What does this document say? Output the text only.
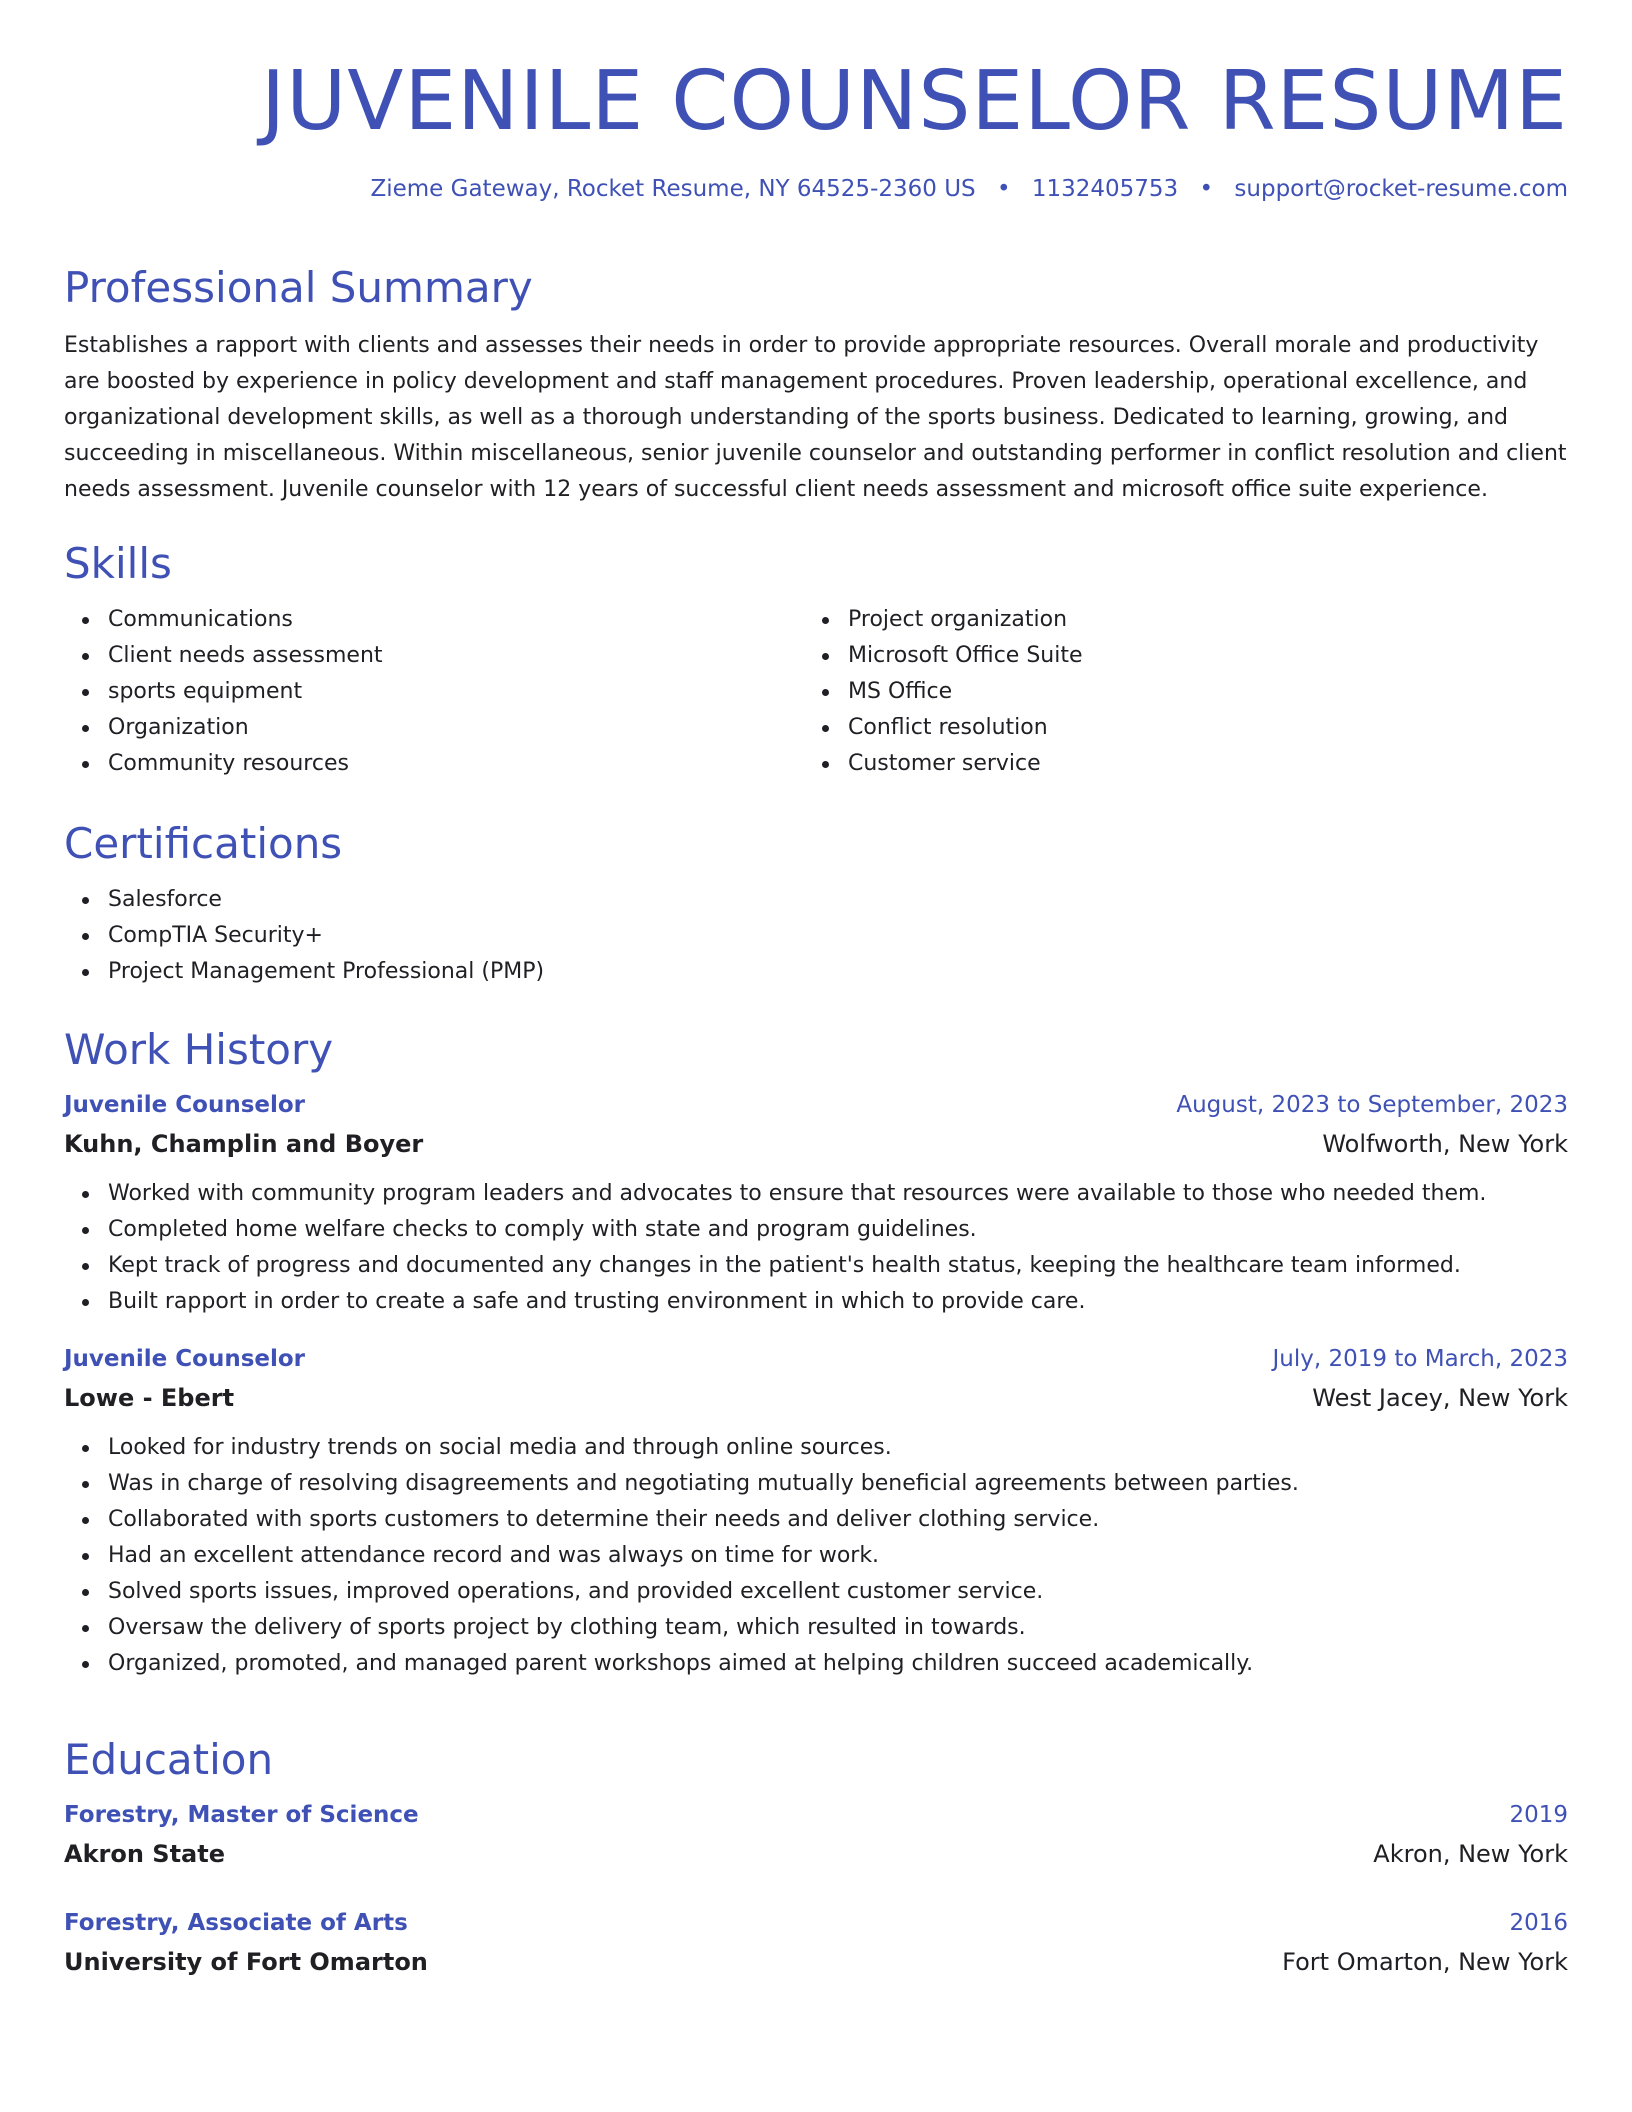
JUVENILE COUNSELOR RESUME
Zieme Gateway, Rocket Resume, NY 64525-2360 US • 1132405753 • support@rocket-resume.com
Professional Summary

Establishes a rapport with clients and assesses their needs in order to provide appropriate resources. Overall morale and productivity are boosted by experience in policy development and staff management procedures. Proven leadership, operational excellence, and organizational development skills, as well as a thorough understanding of the sports business. Dedicated to learning, growing, and succeeding in miscellaneous. Within miscellaneous, senior juvenile counselor and outstanding performer in conflict resolution and client needs assessment. Juvenile counselor with 12 years of successful client needs assessment and microsoft office suite experience.

Skills
Communications
Client needs assessment
sports equipment
Organization
Community resources
Project organization
Microsoft Office Suite
MS Office
Conflict resolution
Customer service
Certifications
Salesforce
CompTIA Security+
Project Management Professional (PMP)
Work History
Juvenile Counselor	August, 2023 to September, 2023
Kuhn, Champlin and Boyer	Wolfworth, New York
Worked with community program leaders and advocates to ensure that resources were available to those who needed them.
Completed home welfare checks to comply with state and program guidelines.
Kept track of progress and documented any changes in the patient's health status, keeping the healthcare team informed.
Built rapport in order to create a safe and trusting environment in which to provide care.
Juvenile Counselor	July, 2019 to March, 2023
Lowe - Ebert	West Jacey, New York
Looked for industry trends on social media and through online sources.
Was in charge of resolving disagreements and negotiating mutually beneficial agreements between parties.
Collaborated with sports customers to determine their needs and deliver clothing service.
Had an excellent attendance record and was always on time for work.
Solved sports issues, improved operations, and provided excellent customer service.
Oversaw the delivery of sports project by clothing team, which resulted in towards.
Organized, promoted, and managed parent workshops aimed at helping children succeed academically.
Education
Forestry, Master of Science	2019
Akron State	Akron, New York
Forestry, Associate of Arts	2016
University of Fort Omarton	Fort Omarton, New York
